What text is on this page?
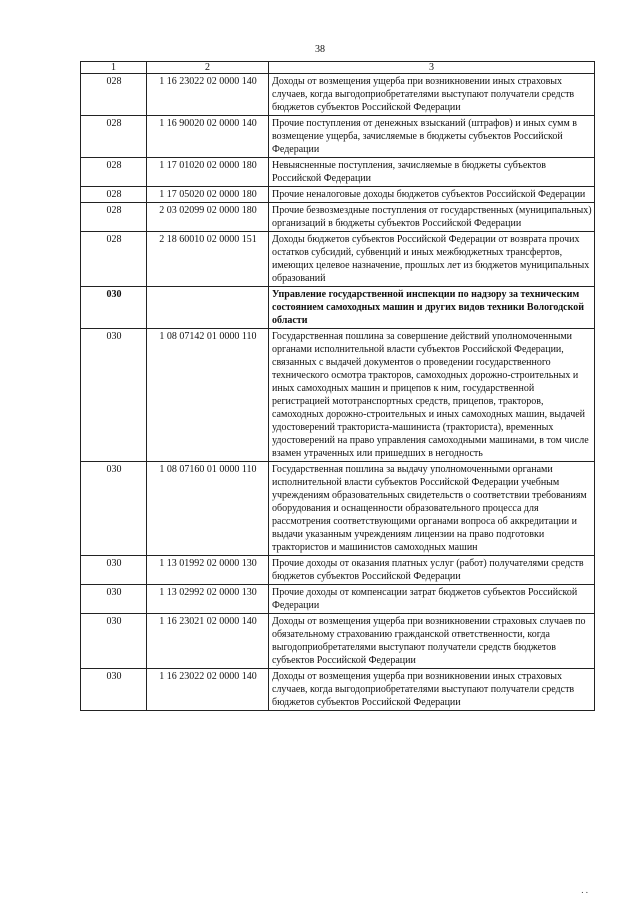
38
1	2	3
028	1 16 23022 02 0000 140	Доходы от возмещения ущерба при возникновении иных страховых случаев, когда выгодоприобретателями выступают получатели средств бюджетов субъектов Российской Федерации
028	1 16 90020 02 0000 140	Прочие поступления от денежных взысканий (штрафов) и иных сумм в возмещение ущерба, зачисляемые в бюджеты субъектов Российской Федерации
028	1 17 01020 02 0000 180	Невыясненные поступления, зачисляемые в бюджеты субъектов Российской Федерации
028	1 17 05020 02 0000 180	Прочие неналоговые доходы бюджетов субъектов Российской Федерации
028	2 03 02099 02 0000 180	Прочие безвозмездные поступления от государственных (муниципальных) организаций в бюджеты субъектов Российской Федерации
028	2 18 60010 02 0000 151	Доходы бюджетов субъектов Российской Федерации от возврата прочих остатков субсидий, субвенций и иных межбюджетных трансфертов, имеющих целевое назначение, прошлых лет из бюджетов муниципальных образований
030		Управление государственной инспекции по надзору за техническим состоянием самоходных машин и других видов техники Вологодской области
030	1 08 07142 01 0000 110	Государственная пошлина за совершение действий уполномоченными органами исполнительной власти субъектов Российской Федерации, связанных с выдачей документов о проведении государственного технического осмотра тракторов, самоходных дорожно-строительных и иных самоходных машин и прицепов к ним, государственной регистрацией мототранспортных средств, прицепов, тракторов, самоходных дорожно-строительных и иных самоходных машин, выдачей удостоверений тракториста-машиниста (тракториста), временных удостоверений на право управления самоходными машинами, в том числе взамен утраченных или пришедших в негодность
030	1 08 07160 01 0000 110	Государственная пошлина за выдачу уполномоченными органами исполнительной власти субъектов Российской Федерации учебным учреждениям образовательных свидетельств о соответствии требованиям оборудования и оснащенности образовательного процесса для рассмотрения соответствующими органами вопроса об аккредитации и выдачи указанным учреждениям лицензии на право подготовки трактористов и машинистов самоходных машин
030	1 13 01992 02 0000 130	Прочие доходы от оказания платных услуг (работ) получателями средств бюджетов субъектов Российской Федерации
030	1 13 02992 02 0000 130	Прочие доходы от компенсации затрат бюджетов субъектов Российской Федерации
030	1 16 23021 02 0000 140	Доходы от возмещения ущерба при возникновении страховых случаев по обязательному страхованию гражданской ответственности, когда выгодоприобретателями выступают получатели средств бюджетов субъектов Российской Федерации
030	1 16 23022 02 0000 140	Доходы от возмещения ущерба при возникновении иных страховых случаев, когда выгодоприобретателями выступают получатели средств бюджетов субъектов Российской Федерации
. .
